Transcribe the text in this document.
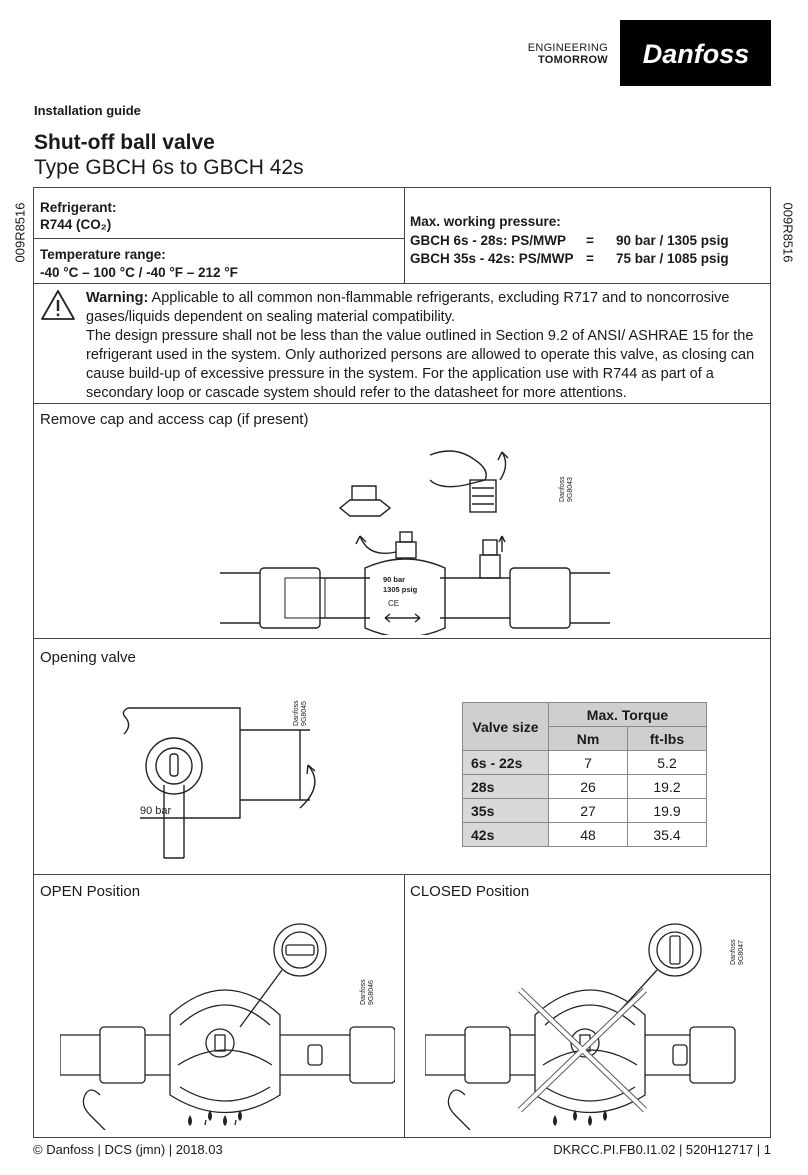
ENGINEERING
TOMORROW Danfoss
Installation guide
Shut-off ball valve
Type GBCH 6s to GBCH 42s
009R8516	009R8516
Refrigerant:
R744 (CO₂)
Temperature range:
-40 °C – 100 °C / -40 °F – 212 °F
Max. working pressure:
GBCH 6s - 28s: PS/MWP = 90 bar / 1305 psig
GBCH 35s - 42s: PS/MWP = 75 bar / 1085 psig
Warning: Applicable to all common non-flammable refrigerants, excluding R717 and to noncorrosive gases/liquids dependent on sealing material compatibility.
The design pressure shall not be less than the value outlined in Section 9.2 of ANSI/ ASHRAE 15 for the refrigerant used in the system. Only authorized persons are allowed to operate this valve, as closing can cause build-up of excessive pressure in the system. For the application use with R744 as part of a secondary loop or cascade system should refer to the datasheet for more attentions.
Remove cap and access cap (if present)
Opening valve
OPEN Position	CLOSED Position
90 bar
1305 psig
CE
Danfoss 9G8043
90 bar
Danfoss 9G8045
Valve size	Max. Torque	
	Nm	ft-lbs
6s - 22s	7	5.2
28s	26	19.2
35s	27	19.9
42s	48	35.4
Danfoss 9G8046
Danfoss 9G8047
© Danfoss | DCS (jmn) | 2018.03	DKRCC.PI.FB0.I1.02 | 520H12717 | 1
